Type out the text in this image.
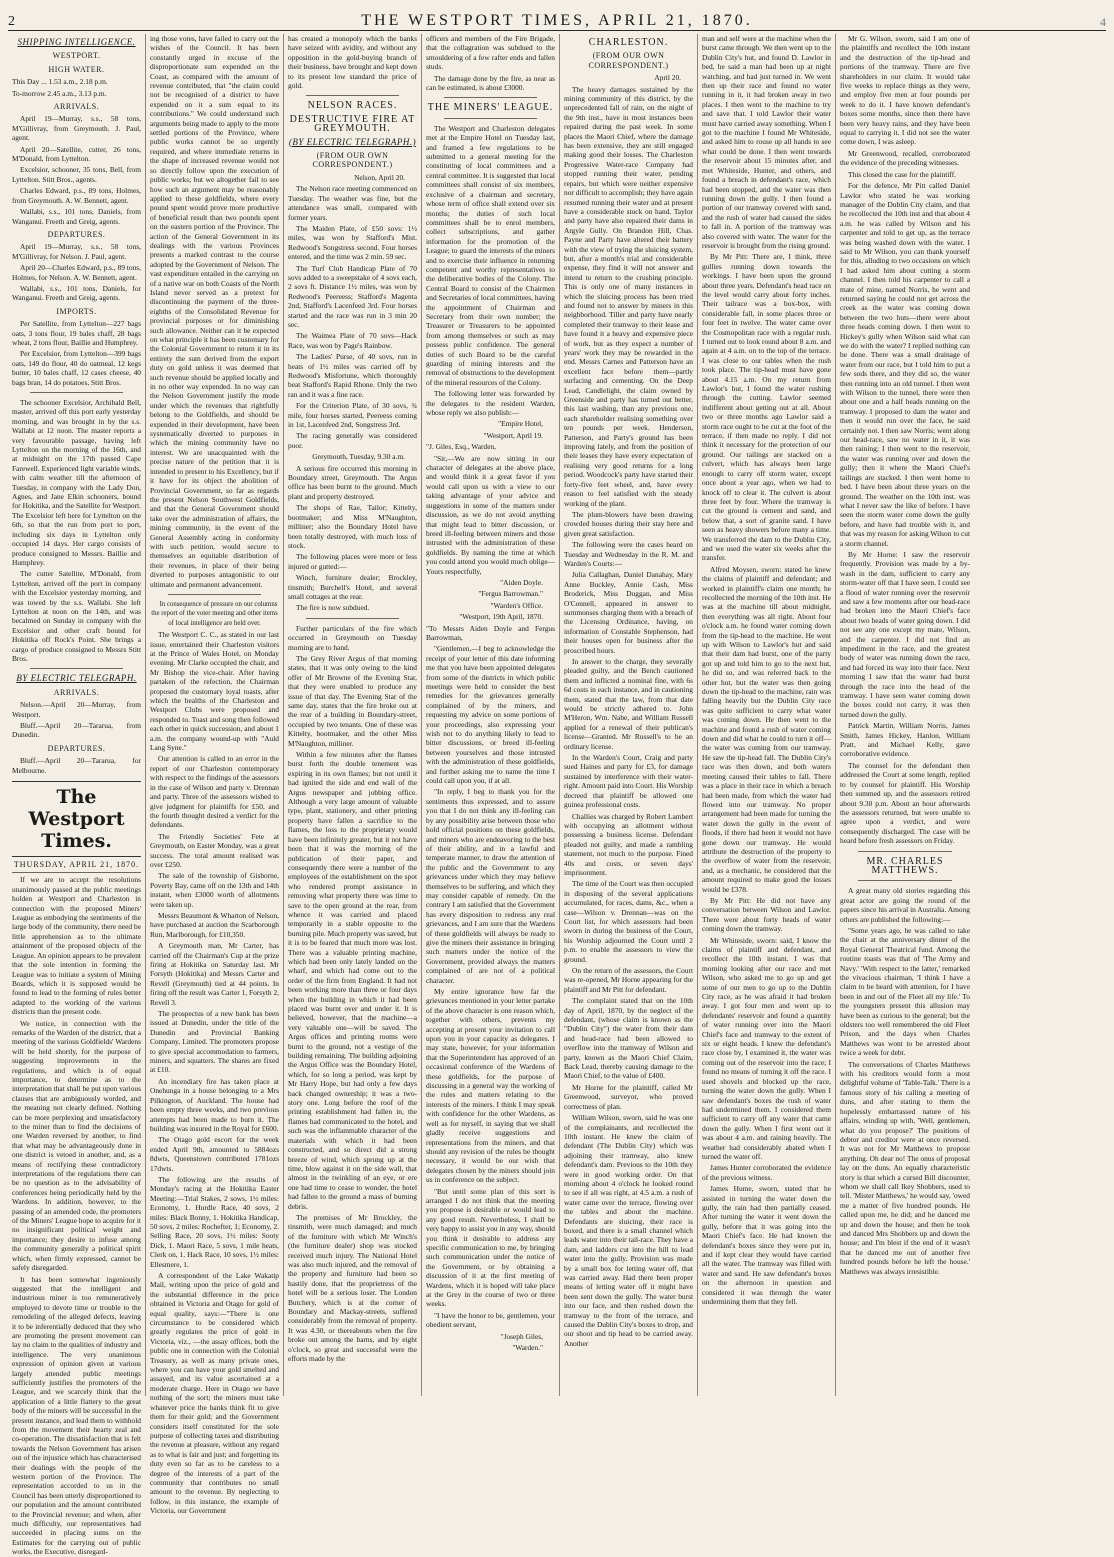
2	THE WESTPORT TIMES, APRIL 21, 1870.	4
SHIPPING INTELLIGENCE.
WESTPORT.
HIGH WATER.

This Day ... 1.53 a.m., 2.18 p.m.

To-morrow 2.45 a.m., 3.13 p.m.

ARRIVALS.

April 19—Murray, s.s., 58 tons, M'Gillivray, from Greymouth. J. Paul, agent.

April 20—Satellite, cutter, 26 tons, M'Donald, from Lyttelton.

Excelsior, schooner, 35 tons, Bell, from Lyttelton. Stitt Bros., agents.

Charles Edward, p.s., 89 tons, Holmes, from Greymouth. A. W. Bennett, agent.

Wallabi, s.s., 101 tons, Daniels, from Wanganui. Freeth and Greig, agents.

DEPARTURES.

April 19—Murray, s.s., 58 tons, M'Gillivray, for Nelson. J. Paul, agent.

April 20—Charles Edward, p.s., 89 tons, Holmes, for Nelson. A. W. Bennett, agent.

Wallabi, s.s., 101 tons, Daniels, for Wanganui. Freeth and Greig, agents.

IMPORTS.

Per Satellite, from Lyttelton—227 bags oats, 3 tons flour, 19 bales chaff, 28 bags wheat, 2 tons flour, Baillie and Humphrey.

Per Excelsior, from Lyttelton—399 bags oats, 149 do flour, 40 do oatmeal, 12 kegs butter, 10 bales chaff, 12 cases cheese, 40 bags bran, 14 do potatoes, Stitt Bros.

The schooner Excelsior, Archibald Bell, master, arrived off this port early yesterday morning, and was brought in by the s.s. Wallabi at 12 noon. The master reports a very favourable passage, having left Lyttelton on the morning of the 16th, and at midnight on the 17th passed Cape Farewell. Experienced light variable winds, with calm weather till the afternoon of Tuesday, in company with the Lady Don, Agnes, and Jane Elkin schooners, bound for Hokitika, and the Satellite for Westport. The Excelsior left here for Lyttelton on the 6th, so that the run from port to port, including six days in Lyttelton only occupied 14 days. Her cargo consists of produce consigned to Messrs. Baillie and Humphrey.

The cutter Satellite, M'Donald, from Lyttelton, arrived off the port in company with the Excelsior yesterday morning, and was towed by the s.s. Wallabi. She left Lyttelton at noon on the 14th, and was becalmed on Sunday in company with the Excelsior and other craft bound for Hokitika off Rock's Point. She brings a cargo of produce consigned to Messrs Stitt Bros.

BY ELECTRIC TELEGRAPH.
ARRIVALS.

Nelson.—April 20—Murray, from Westport.

Bluff.—April 20—Tararua, from Dunedin.

DEPARTURES.

Bluff.—April 20—Tararua, for Melbourne.

The Westport Times.
THURSDAY, APRIL 21, 1870.

If we are to accept the resolutions unanimously passed at the public meetings holden at Westport and Charleston in connection with the proposed Miners' League as embodying the sentiments of the large body of the community, there need be little apprehension as to the ultimate attainment of the proposed objects of the League. An opinion appears to be prevalent that the sole intention in forming the League was to initiate a system of Mining Boards, which it is supposed would be found to lead to the forming of rules better adapted to the working of the various districts than the present code.

We notice, in connection with the remarks of the Warden of the district, that a meeting of the various Goldfields' Wardens will be held shortly, for the purpose of suggesting improvements in the regulations, and which is of equal importance, to determine as to the interpretation that shall be put upon various clauses that are ambiguously worded, and the meaning not clearly defined. Nothing can be more perplexing and unsatisfactory to the miner than to find the decisions of one Warden reversed by another, to find that what may be advantageously done in one district is vetoed in another, and, as a means of rectifying these contradictory interpretations of the regulations there can be no question as to the advisability of conferences being periodically held by the Wardens. In addition, however, to the passing of an amended code, the promoters of the Miners' League hope to acquire for it no insignificant political weight and importance; they desire to infuse among the community generally a political spirit which, when firmly expressed, cannot be safely disregarded.

It has been somewhat ingeniously suggested that the intelligent and industrious miner is too remuneratively employed to devote time or trouble to the remodeling of the alleged defects, leaving it to be inferentially deduced that they who are promoting the present movement can lay no claim to the qualities of industry and intelligence. The very unanimous expression of opinion given at various largely attended public meetings sufficiently justifies the promoters of the League, and we scarcely think that the application of a little flattery to the great body of the miners will be successful in the present instance, and lead them to withhold from the movement their hearty zeal and co-operation. The dissatisfaction that is felt towards the Nelson Government has arisen out of the injustice which has characterised their dealings with the people of the western portion of the Province. The representation accorded to us in the Council has been utterly disproportioned to our population and the amount contributed to the Provincial revenue; and when, after much difficulty, our representatives had succeeded in placing sums on the Estimates for the carrying out of public works, the Executive, disregard-

ing those votes, have failed to carry out the wishes of the Council. It has been constantly urged in excuse of the disproportionate sum expended on the Coast, as compared with the amount of revenue contributed, that "the claim could not be recognised of a district to have expended on it a sum equal to its contributions." We could understand such arguments being made to apply to the more settled portions of the Province, where public works cannot be so urgently required, and where immediate returns in the shape of increased revenue would not so directly follow upon the execution of public works; but we altogether fail to see how such an argument may be reasonably applied to these goldfields, where every pound spent would prove more productive of beneficial result than two pounds spent on the eastern portion of the Province. The action of the General Government in its dealings with the various Provinces presents a marked contrast to the course adopted by the Government of Nelson. The vast expenditure entailed in the carrying on of a native war on both Coasts of the North Island never served as a pretext for discontinuing the payment of the three-eighths of the Consolidated Revenue for provincial purposes or for diminishing such allowance. Neither can it be expected on what principle it has been customary for the Colonial Government to return it in its entirety the sum derived from the export duty on gold unless it was deemed that such revenue should be applied locally and in no other way expended. In no way can the Nelson Government justify the mode under which the revenues that rightfully belong to the Goldfields, and should be expended in their development, have been systematically diverted to purposes in which the mining community have no interest. We are unacquainted with the precise nature of the petition that it is intended to present to his Excellency, but if it have for its object the abolition of Provincial Government, so far as regards the present Nelson Southwest Goldfields, and that the General Government should take over the administration of affairs, the mining community, in the event of the General Assembly acting in conformity with such petition, would secure to themselves an equitable distribution of their revenues, in place of their being diverted to purposes antagonistic to our ultimate and permanent advancement.

In consequence of pressure on our columns the report of the voter meeting and other items of local intelligence are held over.

The Westport C. C., as stated in our last issue, entertained their Charleston visitors at the Prince of Wales Hotel, on Monday evening. Mr Clarke occupied the chair, and Mr Bishop the vice-chair. After having partaken of the refection, the Chairman proposed the customary loyal toasts, after which the healths of the Charleston and Westport Clubs were proposed and responded to. Toast and song then followed each other in quick succession, and about 1 a.m. the company wound-up with "Auld Lang Syne."

Our attention is called to an error in the report of our Charleston contemporary with respect to the findings of the assessors in the case of Wilson and party v. Drennan and party. Three of the assessors wished to give judgment for plaintiffs for £50, and the fourth thought desired a verdict for the defendants.

The Friendly Societies' Fete at Greymouth, on Easter Monday, was a great success. The total amount realised was over £250.

The sale of the township of Gisborne, Poverty Bay, came off on the 13th and 14th instant, when £3000 worth of allotments were taken up.

Messrs Beaumont & Wharton of Nelson, have purchased at auction the Scarborough Run, Marlborough, for £10,350.

A Greymouth man, Mr Carter, has carried off the Chairman's Cup at the prize firing at Hokitika on Saturday last. Mr Forsyth (Hokitika) and Messrs Carter and Revell (Greymouth) tied at 44 points. In firing off the result was Carter 1, Forsyth 2, Revell 3.

The prospectus of a new bank has been issued at Dunedin, under the title of the Dunedin and Provincial Banking Company, Limited. The promoters propose to give special accommodation to farmers, miners, and squatters. The shares are fixed at £10.

An incendiary fire has taken place at Onehunga in a house belonging to a Mrs Pilkington, of Auckland. The house had been empty three weeks, and two previous attempts had been made to burn it. The building was insured in the Royal for £600.

The Otago gold escort for the week ended April 9th, amounted to 5884ozs 8dwts, Queenstown contributed 1781ozs 17dwts.

The following are the results of Monday's racing at the Hokitika Easter Meeting:—Trial Stakes, 2 sows, 1½ miles: Economy, 1. Hurdle Race, 40 sovs, 2 miles: Black Bonny, 1. Hokitika Handicap, 50 sovs, 2 miles: Rochefter, 1; Economy, 2. Selling Race, 20 sovs, 1½ miles: Sooty Dick, 1. Maori Race, 5 sovs, 1 mile heats, Clerk on, 1. Hack Race, 10 sovs, 1½ miles: Ellesmere, 1.

A correspondent of the Lake Wakatip Mail, writing upon the price of gold and the substantial difference in the price obtained in Victoria and Otago for gold of equal quality, says:—"There is one circumstance to be considered which greatly regulates the price of gold in Victoria, viz., —the assay offices, both the public one in connection with the Colonial Treasury, as well as many private ones, where you can have your gold smelted and assayed, and its value ascertained at a moderate charge. Here in Otago we have nothing of the sort; the miners must take whatever price the banks think fit to give them for their gold; and the Government considers itself constituted for the sole purpose of collecting taxes and distributing the revenue at pleasure, without any regard as to what is fair and just; and forgetting its duty even so far as to be careless to a degree of the interests of a part of the community that contributes no small amount to the revenue. By neglecting to follow, in this instance, the example of Victoria, our Government

has created a monopoly which the banks have seized with avidity, and without any opposition in the gold-buying branch of their business, have brought and kept down to its present low standard the price of gold.

NELSON RACES.
DESTRUCTIVE FIRE AT GREYMOUTH.
(BY ELECTRIC TELEGRAPH.)
(FROM OUR OWN CORRESPONDENT.)

Nelson, April 20.

The Nelson race meeting commenced on Tuesday. The weather was fine, but the attendance was small, compared with former years.

The Maiden Plate, of £50 sovs: 1½ miles, was won by Stafford's Mist. Redwood's Songstress second. Four horses entered, and the time was 2 min. 59 sec.

The Turf Club Handicap Plate of 70 sovs added to a sweepstake of 4 sovs each, 2 sovs ft. Distance 1½ miles, was won by Redwood's Peereess; Stafford's Magenta 2nd, Stafford's Lacenfeed 3rd. Four horses started and the race was run in 3 min 20 sec.

The Waimea Plate of 70 sovs—Hack Race, was won by Page's Rainbow.

The Ladies' Purse, of 40 sovs, run in heats of 1½ miles was carried off by Redwood's Misfortune, which thoroughly beat Stafford's Rapid Rhone. Only the two ran and it was a fine race.

For the Criterion Plate, of 30 sovs, ¾ mile, four horses started, Peereess coming in 1st, Lacenfeed 2nd, Songstress 3rd.

The racing generally was considered poor.

Greymouth, Tuesday, 9.30 a.m.

A serious fire occurred this morning in Boundary street, Greymouth. The Argus office has been burnt to the ground. Much plant and property destroyed.

The shops of Rae, Tailor; Kittelty, bootmaker; and Miss M'Naughton, milliner; also the Boundary Hotel have been totally destroyed, with much loss of stock.

The following places were more or less injured or gutted:—

Winch, furniture dealer; Brockley, tinsmith; Burchell's Hotel, and several small cottages at the rear.

The fire is now subdued.

Further particulars of the fire which occurred in Greymouth on Tuesday morning are to hand.

The Grey River Argus of that morning states, that it was only owing to the kind offer of Mr Browne of the Evening Star, that they were enabled to produce any issue of that day. The Evening Star of the same day, states that the fire broke out at the rear of a building in Boundary-street, occupied by two tenants. One of these was Kittelty, bootmaker, and the other Miss M'Naughton, milliner.

Within a few minutes after the flames burst forth the double tenement was expiring in its own flames; but not until it had ignited the side and end wall of the Argus newspaper and jobbing office. Although a very large amount of valuable type, plant, stationery, and other printing property have fallen a sacrifice to the flames, the loss to the proprietary would have been infinitely greater, but it not have been that it was the morning of the publication of their paper, and consequently there were a number of the employees of the establishment on the spot who rendered prompt assistance in removing what property there was time to save to the open ground at the rear, from whence it was carried and placed temporarily in a stable opposite to the burning pile. Much property was saved, but it is to be feared that much more was lost. There was a valuable printing machine, which had been only lately landed on the wharf, and which had come out to the order of the firm from England. It had not been working more than three or four days when the building in which it had been placed was burnt over and under it. It is believed, however, that the machine—a very valuable one—will be saved. The Argus offices and printing rooms were burnt to the ground, not a vestige of the building remaining. The building adjoining the Argus Office was the Boundary Hotel, which, for so long a period, was kept by Mr Harry Hope, but had only a few days back changed ownership; it was a two-story one. Long before the roof of the printing establishment had fallen in, the flames had communicated to the hotel, and such was the inflammable character of the materials with which it had been constructed, and so direct did a strong breeze of wind, which sprung up at the time, blow against it on the side wall, that almost in the twinkling of an eye, or ere one had time to cease to wonder, the hotel had fallen to the ground a mass of burning debris.

The premises of Mr Brockley, the tinsmith, were much damaged; and much of the furniture with which Mr Winch's (the furniture dealer) shop was stocked received much injury. The National Hotel was also much injured, and the removal of the property and furniture had been so hastily done, that the proprietress of the hotel will be a serious loser. The London Butchery, which is at the corner of Boundary and Mackay-streets, suffered considerably from the removal of property. It was 4.30, or thereabouts when the fire broke out among the barns, and by eight o'clock, so great and successful were the efforts made by the

officers and members of the Fire Brigade, that the collagration was subdued to the smouldering of a few rafter ends and fallen studs.

The damage done by the fire, as near as can be estimated, is about £3000.

THE MINERS' LEAGUE.

The Westport and Charleston delegates met at the Empire Hotel on Tuesday last, and framed a few regulations to be submitted to a general meeting for the constituting of local committees and a central committee. It is suggested that local committees shall consist of six members, exclusive of a chairman and secretary, whose term of office shall extend over six months; the duties of such local committees shall be to enrol members, collect subscriptions, and gather information for the promotion of the League; to guard the interests of the miners and to exercise their influence in returning competent and worthy representatives to the deliberative bodies of the Colony. The Central Board to consist of the Chairmen and Secretaries of local committees, having the appointment of Chairman and Secretary from their own number; the Treasurer or Treasurers to be appointed from among themselves or such as may possess public confidence. The general duties of such Board to be the careful guarding of mining interests and the removal of obstructions to the development of the mineral resources of the Colony.

The following letter was forwarded by the delegates to the resident Warden, whose reply we also publish:—

"Empire Hotel,

"Westport, April 19.

"J. Giles, Esq., Warden,

"Sir,—We are now sitting in our character of delegates at the above place, and would think it a great favor if you would call upon us with a view to our taking advantage of your advice and suggestions in some of the matters under discussion, as we do not avoid anything that might lead to bitter discussion, or breed ill-feeling between miners and those intrusted with the administration of these goldfields. By naming the time at which you could attend you would much oblige—Yours respectfully,

"Aiden Doyle.

"Fergus Barrowman."

"Warden's Office.

"Westport, 19th April, 1870.

"To Messrs Aiden Doyle and Fergus Barrowman,

"Gentlemen,—I beg to acknowledge the receipt of your letter of this date informing me that you have been appointed delegates from some of the districts in which public meetings were held to consider the best remedies for the grievances generally complained of by the miners, and requesting my advice on some portions of your proceedings, also expressing your wish not to do anything likely to lead to bitter discussions, or breed ill-feeling between yourselves and those intrusted with the administration of these goldfields, and further asking me to name the time I could call upon you, if at all.

"In reply, I beg to thank you for the sentiments thus expressed, and to assure you that I do not think any ill-feeling can by any possibility arise between those who hold official positions on these goldfields, and miners who are endeavoring to the best of their ability, and in a lawful and temperate manner, to draw the attention of the public and the Government to any grievances under which they may believe themselves to be suffering, and which they may consider capable of remedy. On the contrary I am satisfied that the Government has every disposition to redress any real grievances, and I am sure that the Wardens of these goldfields will always be ready to give the miners their assistance in bringing such matters under the notice of the Government, provided always the matters complained of are not of a political character.

My entire ignorance how far the grievances mentioned in your letter partake of the above character is one reason which, together with others, prevents my accepting at present your invitation to call upon you in your capacity as delegates. I may state, however, for your information that the Superintendent has approved of an occasional conference of the Wardens of these goldfields, for the purpose of discussing in a general way the working of the rules and matters relating to the interests of the miners. I think I may speak with confidence for the other Wardens, as well as for myself, in saying that we shall gladly receive suggestions and representations from the miners, and that should any revision of the rules be thought necessary, it would be our wish that delegates chosen by the miners should join us in conference on the subject.

"But until some plan of this sort is arranged I do not think that the meeting you propose is desirable or would lead to any good result. Nevertheless, I shall be very happy to assist you in any way, should you think it desirable to address any specific communication to me, by bringing such communication under the notice of the Government, or by obtaining a discussion of it at the first meeting of Wardens, which it is hoped will take place at the Grey in the course of two or three weeks.

"I have the honor to be, gentlemen, your obedient servant,

"Joseph Giles,

"Warden."

CHARLESTON.
(FROM OUR OWN CORRESPONDENT.)

April 20.

The heavy damages sustained by the mining community of this district, by the unprecedented fall of rain, on the night of the 9th inst., have in most instances been repaired during the past week. In some places the Maori Chief, where the damage has been extensive, they are still engaged making good their losses. The Charleston Progressive Water-race Company had stopped running their water, pending repairs, but which were neither expensive nor difficult to accomplish; they have again resumed running their water and at present have a considerable stock on hand. Taylor and party have also repaired their dams in Argyle Gully. On Brandon Hill, Chas. Payne and Party have altered their battery with the view of trying the sluicing system, but, after a month's trial and considerable expense, they find it will not answer and intend to return to the crushing principle. This is only one of many instances in which the sluicing process has been tried and found not to answer by miners in this neighborhood. Tiller and party have nearly completed their tramway to their lease and have found it a heavy and expensive piece of work, but as they expect a number of years' work they may be rewarded in the end. Messrs Carnes and Patterson have an excellent face before them—partly surfacing and cementing. On the Deep Lead, Candlelight, the claim owned by Greenside and party has turned out better, this last washing, than any previous one, each shareholder realising something over ten pounds per week. Henderson, Patterson, and Party's ground has been improving lately, and from the position of their leases they have every expectation of realising very good returns for a long period. Woodcock's party have started their forty-five feet wheel, and, have every reason to feel satisfied with the steady working of the plant.

The plum-blowers have been drawing crowded houses during their stay here and given great satisfaction.

The following were the cases heard on Tuesday and Wednesday in the R. M. and Warden's Courts:—

Julia Callaghan, Daniel Danahay, Mary Anne Buckley, Annie Cash, Miss Broderick, Miss Duggan, and Miss O'Connell, appeared in answer to summonses charging them with a breach of the Licensing Ordinance, having, on information of Constable Stephenson, had their houses open for business after the proscribed hours.

In answer to the charge, they severally pleaded guilty, and the Bench cautioned them and inflicted a nominal fine, with 6s 6d costs in each instance, and in cautioning them, stated that the law, from that date would be strictly adhered to. John M'Heron, Wm. Nabe, and William Russell applied for a renewal of their publican's license—Granted. Mr Russell's to be an ordinary license.

In the Warden's Court, Craig and party sued Haines and party for £3, for damage sustained by interference with their water-right. Amount paid into Court. His Worship decreed that plaintiff be allowed one guinea professional costs.

Challies was charged by Robert Lambert with occupying an allotment without possessing a business license. Defendant pleaded not guilty, and made a rambling statement, not much to the purpose. Fined 40s and costs, or seven days' imprisonment.

The time of the Court was then occupied in disposing of the several applications accumulated, for races, dams, &c., when a case—Wilson v. Drennan—was on the Court list, for which assessors had been sworn in during the business of the Court, his Worship adjourned the Court until 2 p.m. to enable the assessors to view the ground.

On the return of the assessors, the Court was re-opened, Mr Horne appearing for the plaintiff and Mr Pitt for defendant.

The complaint stated that on the 10th day of April, 1870, by the neglect of the defendant, (whose claim is known as the "Dublin City") the water from their dam and head-race had been allowed to overflow into the tramway of Wilson and party, known as the Maori Chief Claim, Back Lead, thereby causing damage to the Maori Chief, to the value of £400.

Mr Horne for the plaintiff, called Mr Greenwood, surveyor, who proved correctness of plan.

William Wilson, sworn, said he was one of the complainants, and recollected the 10th instant. He knew the claim of defendant (The Dublin City) which was adjoining their tramway, also knew defendant's dam. Previous to the 10th they were in good working order. On that morning about 4 o'clock he looked round to see if all was right, at 4.5 a.m. a rush of water came over the terrace, flowing over the tables and about the machine. Defendants are sluicing, their race is boxed, and there is a small channel which leads water into their tail-race. They have a dam, and ladders cut into the hill to lead water into the gully. Provision was made by a small box for letting water off, that was carried away. Had there been proper means of letting water off it might have been sent down the gully. The water burst into our face, and then rushed down the tramway to the front of the terrace, and caused the Dublin City's boxes to drop, and our shoot and tip head to be carried away. Another

man and self were at the machine when the burst came through. We then went up to the Dublin City's hut, and found D. Lawlor in bed, he said a man had been up at night watching, and had just turned in. We went then up their race and found no water running in it, it had broken away in two places. I then went to the machine to try and save that. I told Lawlor their water must have carried away something. When I got to the machine I found Mr Whiteside, and asked him to rouse up all hands to see what could be done. I then went towards the reservoir about 15 minutes after, and met Whiteside, Hunter, and others, and found a breach in defendant's race, which had been stopped, and the water was then running down the gully. I then found a portion of our tramway covered with sand, and the rush of water had caused the sides to fall in. A portion of the tramway was also covered with water. The water for the reservoir is brought from the rising ground.

By Mr Pitt: There are, I think, three gullies running down towards the workings. I have been upon the ground about three years. Defendant's head race on the level would carry about forty inches. Their tailrace was a box-box, with considerable fall, in some places three or four feet in twelve. The water came over the Cosmopolitan race with a regular rush. I turned out to look round about 8 a.m. and again at 4 a.m. on to the top of the terrace. I was close to our tables when the rush took place. The tip-head must have gone about 4.15 a.m. On my return from Lawlor's hut, I found the water rushing through the cutting. Lawlor seemed indifferent about getting out at all. About two or three months ago Lawlor said a storm race ought to be cut at the foot of the terrace, if then made no reply. I did not think it necessary for the protection of our ground. Our tailings are stacked on a culvert, which has always been large enough to carry off storm water, except once about a year ago, when we had to knock off to clear it. The culvert is about three feet by four. Where the tramway is cut the ground is cement and sand, and below that, a sort of granite sand. I have seen as heavy showers before many a time. We transferred the dam to the Dublin City, and we used the water six weeks after the transfer.

Alfred Moysen, sworn: stated he knew the claims of plaintiff and defendant; and worked in plaintiff's claim one month; he recollected the morning of the 10th inst. He was at the machine till about midnight, then everything was all right. About four o'clock a.m. he found water coming down from the tip-head to the machine. He went up with Wilson to Lawlor's hut and said that their dam had burst, one of the party got up and told him to go to the next hut, he did so, and was referred back to the other hut, but the water was then going down the tip-head to the machine, rain was falling heavily but the Dublin City race was quite sufficient to carry what water was coming down. He then went to the machine and found a rush of water coming down and did what he could to turn it off—the water was coming from our tramway. He saw the tip-head fall. The Dublin City's race was then down, and both waters meeting caused their tables to fall. There was a place in their race in which a breach had been made, from which the water had flowed into our tramway. No proper arrangement had been made for turning the water down the gully in the event of floods, if there had been it would not have gone down our tramway. He would attribute the destruction of the property to the overflow of water from the reservoir, and, as a mechanic, he considered that the amount required to make good the losses would be £378.

By Mr Pitt: He did not have any conversation between Wilson and Lawlor. There were about forty heads of water coming down the tramway.

Mr Whiteside, sworn: said, I know the claims of plaintiff and defendant, and recollect the 10th instant. I was that morning looking after our race and met Wilson, who asked me to go up and get some of our men to go up to the Dublin City race, as he was afraid it had broken away. I got four men and went up to defendants' reservoir and found a quantity of water running over into the Maori Chief's face and tramway to the extent of six or eight heads. I knew the defendant's race close by, I examined it, the water was coming out of the reservoir into the race; I found no means of turning it off the race. I used shovels and blocked up the race, turning the water down the gully. When I saw defendant's boxes the rush of water had undermined them. I considered them sufficient to carry off any water that came down the gully. When I first went out it was about 4 a.m. and raining heavily. The weather had considerably abated when I turned the water off.

James Hunter corroborated the evidence of the previous witness.

James Hume, sworn, stated that he assisted in turning the water down the gully, the rain had then partially ceased. After turning the water it went down the gully, before that it was going into the Maori Chief's face. He had known the defendant's boxes since they were put in, and if kept clear they would have carried all the water. The tramway was filled with water and sand. He saw defendant's boxes on the afternoon in question and considered it was through the water undermining them that they fell.

Mr G. Wilson, sworn, said I am one of the plaintiffs and recollect the 10th instant and the destruction of the tip-head and portions of the tramway. There are five shareholders in our claim. It would take five weeks to replace things as they were, and employ five men at four pounds per week to do it. I have known defendant's boxes some months, since then there have been very heavy rains, and they have been equal to carrying it. I did not see the water come down, I was asleep.

Mr Greenwood, recalled, corroborated the evidence of the preceding witnesses.

This closed the case for the plaintiff.

For the defence, Mr Pitt called Daniel Lawlor who stated he was working manager of the Dublin City claim, and that he recollected the 10th inst and that about 4 a.m. he was called by Wilson and his carpenter and told to get up, as the terrace was being washed down with the water. I said to Mr Wilson, you can thank yourself for this, alluding to two occasions on which I had asked him about cutting a storm channel. I then told his carpenter to call a mate of mine, named Norris, he went and returned saying he could not get across the creek as the water was coming down between the two huts—there were about three heads coming down. I then went to Hickey's gully when Wilson said what can we do with the water? I replied nothing can be done. There was a small drainage of water from our race, but I told him to put a few sods there, and they did so, the water then running into an old tunnel. I then went with Wilson to the tunnel, there were then about one and a half heads running on the tramway. I proposed to dam the water and then it would run over the face, he said certainly not. I then saw Norris; went along our head-race, saw no water in it, it was then raining; I then went to the reservoir, the water was running over and down the gully; then it where the Maori Chief's tailings are stacked. I then went home to bed. I have been about three years on the ground. The weather on the 10th inst. was what I never saw the like of before. I have seen the storm water come down the gully before, and have had trouble with it, and that was my reason for asking Wilson to cut a storm channel.

By Mr Horne: I saw the reservoir frequently. Provision was made by a by-wash in the dam, sufficient to carry any storm-water off that I have seen. I could see a flood of water running over the reservoir and saw a few moments after our head-race had broken into the Maori Chief's face about two heads of water going down. I did not see any one except my mate, Wilson, and the carpenter. I did not find an impediment in the race, and the greatest body of water was running down the race, and had forced its way into their face. Next morning I saw that the water had burst through the race into the head of the tramway. I have seen water coming down the boxes could not carry, it was then turned down the gully.

Patrick Martin, William Norris, James Smith, James Hickey, Hanlon, William Pratt, and Michael Kelly, gave corroborative evidence.

The counsel for the defendant then addressed the Court at some length, replied to by counsel for plaintiff. His Worship then summed up, and the assessors retired about 9.30 p.m. About an hour afterwards the assessors returned, but were unable to agree upon a verdict, and were consequently discharged. The case will be heard before fresh assessors on Friday.

MR. CHARLES MATTHEWS.

A great many old stories regarding this great actor are going the round of the papers since his arrival in Australia. Among others are published the following:—

"Some years ago, he was called to take the chair at the anniversary dinner of the Royal General Theatrical fund. Among the routine toasts was that of 'The Army and Navy.' 'With respect to the latter,' remarked the vivacious chairman, 'I think I have a claim to be heard with attention, for I have been in and out of the Fleet all my life.' To the youngsters present this allusion may have been as curious to the general; but the oldsters too well remembered the old Fleet Prison, and the days when Charles Matthews was wont to be arrested about twice a week for debt.

The conversations of Charles Matthews with his creditors would form a most delightful volume of 'Table-Talk.' There is a famous story of his calling a meeting of duns, and after stating to them the hopelessly embarrassed nature of his affairs, winding up with, 'Well, gentlemen, what do you propose?' The positions of debtor and creditor were at once reversed. It was not for Mr Matthews to propose anything. Oh dear no! The onus of proposal lay on the duns. An equally characteristic story is that which a cursed Bill discounter, whom we shall call Ikey Shobbers, used to tell. 'Mister Matthews,' he would say, 'owed me a matter of five hundred pounds. He called upon me, he did; and he danced me up and down the house; and then he took and danced Mrs Shobbers up and down the house; and I'm blest if the end of it wasn't that he danced me out of another five hundred pounds before he left the house.' Matthews was always irresistible.
